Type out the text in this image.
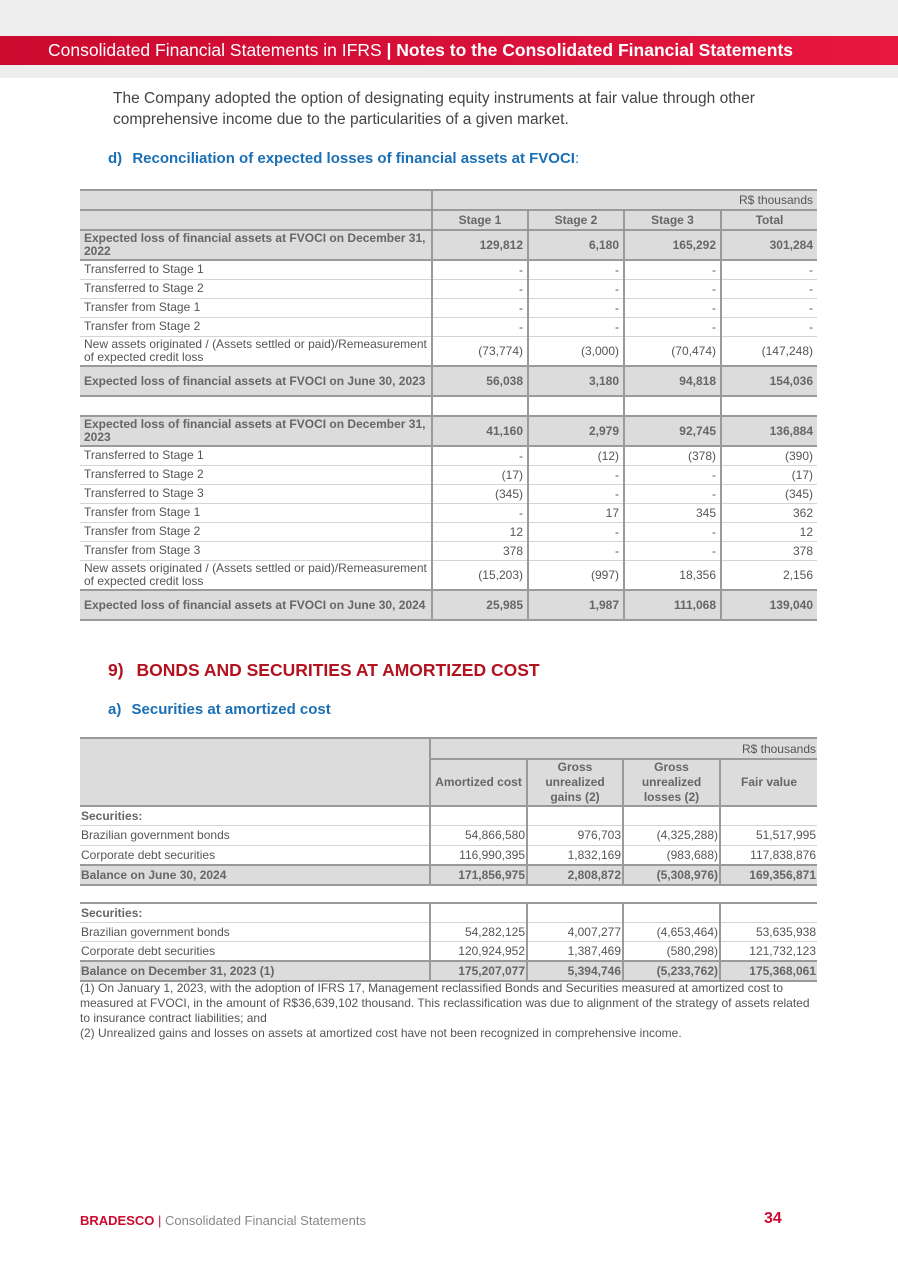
Consolidated Financial Statements in IFRS | Notes to the Consolidated Financial Statements

The Company adopted the option of designating equity instruments at fair value through other comprehensive income due to the particularities of a given market.

d) Reconciliation of expected losses of financial assets at FVOCI:
	R$ thousands			
	Stage 1	Stage 2	Stage 3	Total
Expected loss of financial assets at FVOCI on December 31, 2022	129,812	6,180	165,292	301,284
Transferred to Stage 1	-	-	-	-
Transferred to Stage 2	-	-	-	-
Transfer from Stage 1	-	-	-	-
Transfer from Stage 2	-	-	-	-
New assets originated / (Assets settled or paid)/Remeasurement of expected credit loss	(73,774)	(3,000)	(70,474)	(147,248)
Expected loss of financial assets at FVOCI on June 30, 2023	56,038	3,180	94,818	154,036

Expected loss of financial assets at FVOCI on December 31, 2023	41,160	2,979	92,745	136,884
Transferred to Stage 1	-	(12)	(378)	(390)
Transferred to Stage 2	(17)	-	-	(17)
Transferred to Stage 3	(345)	-	-	(345)
Transfer from Stage 1	-	17	345	362
Transfer from Stage 2	12	-	-	12
Transfer from Stage 3	378	-	-	378
New assets originated / (Assets settled or paid)/Remeasurement of expected credit loss	(15,203)	(997)	18,356	2,156
Expected loss of financial assets at FVOCI on June 30, 2024	25,985	1,987	111,068	139,040
9) BONDS AND SECURITIES AT AMORTIZED COST
a) Securities at amortized cost
	R$ thousands			
	Amortized cost	Gross unrealized gains (2)	Gross unrealized losses (2)	Fair value
Securities:				
Brazilian government bonds	54,866,580	976,703	(4,325,288)	51,517,995
Corporate debt securities	116,990,395	1,832,169	(983,688)	117,838,876
Balance on June 30, 2024	171,856,975	2,808,872	(5,308,976)	169,356,871

Securities:				
Brazilian government bonds	54,282,125	4,007,277	(4,653,464)	53,635,938
Corporate debt securities	120,924,952	1,387,469	(580,298)	121,732,123
Balance on December 31, 2023 (1)	175,207,077	5,394,746	(5,233,762)	175,368,061

(1) On January 1, 2023, with the adoption of IFRS 17, Management reclassified Bonds and Securities measured at amortized cost to measured at FVOCI, in the amount of R$36,639,102 thousand. This reclassification was due to alignment of the strategy of assets related to insurance contract liabilities; and

(2) Unrealized gains and losses on assets at amortized cost have not been recognized in comprehensive income.

BRADESCO | Consolidated Financial Statements	34
